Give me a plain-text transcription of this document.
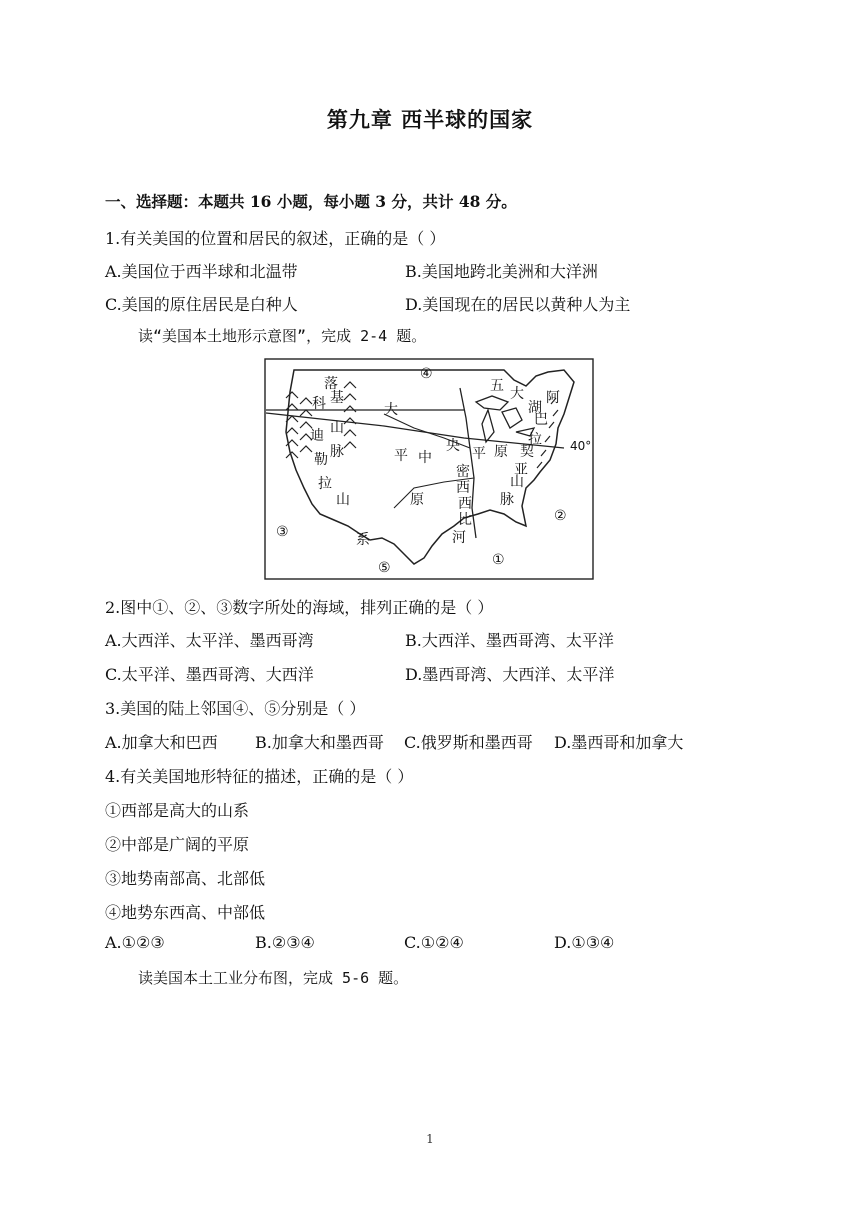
第九章 西半球的国家
一、选择题：本题共 16 小题，每小题 3 分，共计 48 分。
1.有关美国的位置和居民的叙述，正确的是（ ）
A.美国位于西半球和北温带	B.美国地跨北美洲和大洋洲
C.美国的原住居民是白种人	D.美国现在的居民以黄种人为主
读“美国本土地形示意图”，完成 2-4 题。
④
②
③
①
⑤
40°
落
基
科
山
迪
脉
勒
拉
山
系
五 大
湖
阿
巴
拉
契
亚
山
脉
大
平 中
央 平 原
原
密
西
西
比
河
2.图中①、②、③数字所处的海域，排列正确的是（ ）
A.大西洋、太平洋、墨西哥湾	B.大西洋、墨西哥湾、太平洋
C.太平洋、墨西哥湾、大西洋	D.墨西哥湾、大西洋、太平洋
3.美国的陆上邻国④、⑤分别是（ ）
A.加拿大和巴西 B.加拿大和墨西哥 C.俄罗斯和墨西哥 D.墨西哥和加拿大
4.有关美国地形特征的描述，正确的是（ ）
①西部是高大的山系
②中部是广阔的平原
③地势南部高、北部低
④地势东西高、中部低
A.①②③	B.②③④	C.①②④	D.①③④
读美国本土工业分布图，完成 5-6 题。
1
